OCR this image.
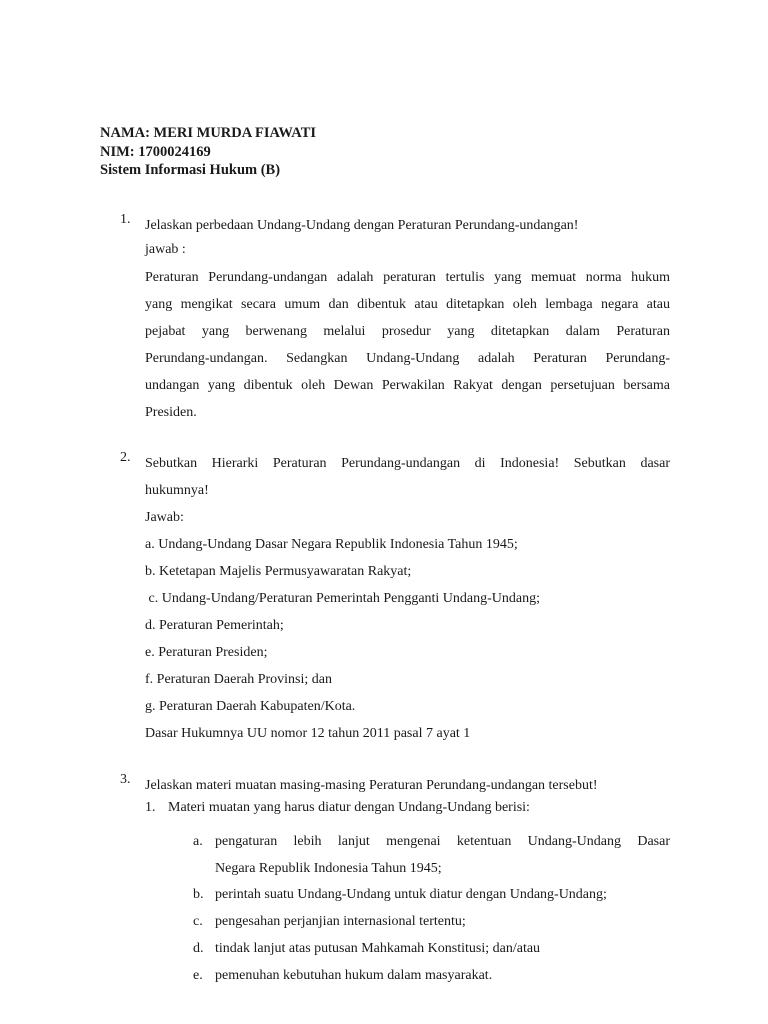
NAMA: MERI MURDA FIAWATI
NIM: 1700024169
Sistem Informasi Hukum (B)
1. Jelaskan perbedaan Undang-Undang dengan Peraturan Perundang-undangan!
jawab :
Peraturan Perundang-undangan adalah peraturan tertulis yang memuat norma hukum
yang mengikat secara umum dan dibentuk atau ditetapkan oleh lembaga negara atau
pejabat yang berwenang melalui prosedur yang ditetapkan dalam Peraturan
Perundang-undangan. Sedangkan Undang-Undang adalah Peraturan Perundang-
undangan yang dibentuk oleh Dewan Perwakilan Rakyat dengan persetujuan bersama
Presiden.
2. Sebutkan Hierarki Peraturan Perundang-undangan di Indonesia! Sebutkan dasar
hukumnya!
Jawab:
a. Undang-Undang Dasar Negara Republik Indonesia Tahun 1945;
b. Ketetapan Majelis Permusyawaratan Rakyat;
c. Undang-Undang/Peraturan Pemerintah Pengganti Undang-Undang;
d. Peraturan Pemerintah;
e. Peraturan Presiden;
f. Peraturan Daerah Provinsi; dan
g. Peraturan Daerah Kabupaten/Kota.
Dasar Hukumnya UU nomor 12 tahun 2011 pasal 7 ayat 1
3. Jelaskan materi muatan masing-masing Peraturan Perundang-undangan tersebut!
1. Materi muatan yang harus diatur dengan Undang-Undang berisi:
a. pengaturan lebih lanjut mengenai ketentuan Undang-Undang Dasar
Negara Republik Indonesia Tahun 1945;
b. perintah suatu Undang-Undang untuk diatur dengan Undang-Undang;
c. pengesahan perjanjian internasional tertentu;
d. tindak lanjut atas putusan Mahkamah Konstitusi; dan/atau
e. pemenuhan kebutuhan hukum dalam masyarakat.
